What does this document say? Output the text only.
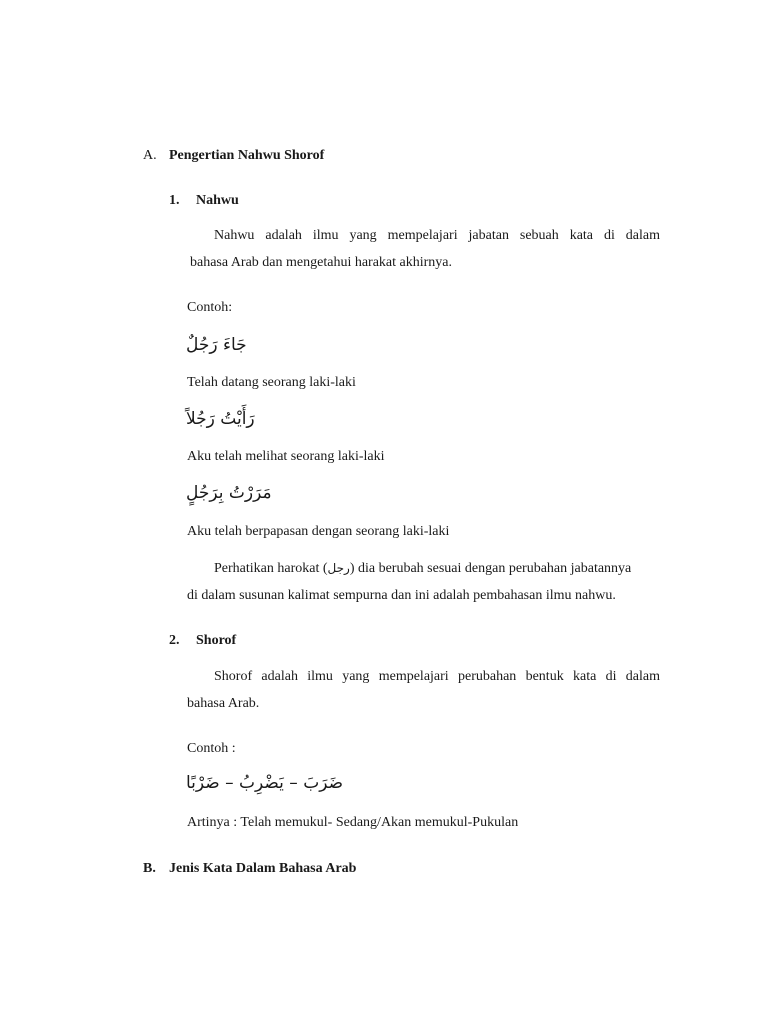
A. Pengertian Nahwu Shorof
1. Nahwu
Nahwu adalah ilmu yang mempelajari jabatan sebuah kata di dalam
bahasa Arab dan mengetahui harakat akhirnya.
Contoh:
جَاءَ رَجُلٌ
Telah datang seorang laki-laki
رَأَيْتُ رَجُلاً
Aku telah melihat seorang laki-laki
مَرَرْتُ بِرَجُلٍ
Aku telah berpapasan dengan seorang laki-laki
Perhatikan harokat (رجل) dia berubah sesuai dengan perubahan jabatannya
di dalam susunan kalimat sempurna dan ini adalah pembahasan ilmu nahwu.
2. Shorof
Shorof adalah ilmu yang mempelajari perubahan bentuk kata di dalam
bahasa Arab.
Contoh :
ضَرَبَ – يَضْرِبُ – ضَرْبًا
Artinya : Telah memukul- Sedang/Akan memukul-Pukulan
B. Jenis Kata Dalam Bahasa Arab
